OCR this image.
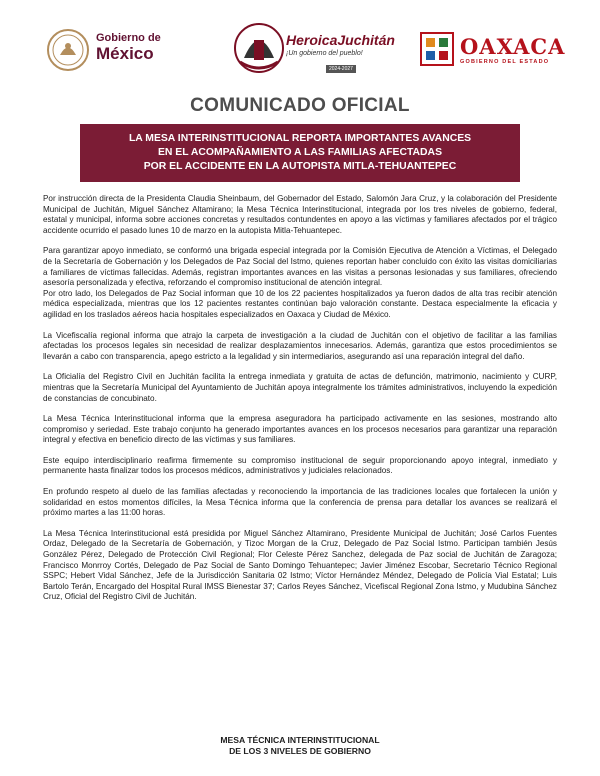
Gobierno de
México
HeroicaJuchitán
¡Un gobierno del pueblo!
2024-2027
OAXACA
GOBIERNO DEL ESTADO
COMUNICADO OFICIAL
LA MESA INTERINSTITUCIONAL REPORTA IMPORTANTES AVANCES
EN EL ACOMPAÑAMIENTO A LAS FAMILIAS AFECTADAS
POR EL ACCIDENTE EN LA AUTOPISTA MITLA-TEHUANTEPEC

Por instrucción directa de la Presidenta Claudia Sheinbaum, del Gobernador del Estado, Salomón Jara Cruz, y la colaboración del Presidente Municipal de Juchitán, Miguel Sánchez Altamirano; la Mesa Técnica Interinstitucional, integrada por los tres niveles de gobierno, federal, estatal y municipal, informa sobre acciones concretas y resultados contundentes en apoyo a las víctimas y familiares afectados por el trágico accidente ocurrido el pasado lunes 10 de marzo en la autopista Mitla-Tehuantepec.

Para garantizar apoyo inmediato, se conformó una brigada especial integrada por la Comisión Ejecutiva de Atención a Víctimas, el Delegado de la Secretaría de Gobernación y los Delegados de Paz Social del Istmo, quienes reportan haber concluido con éxito las visitas domiciliarias a familiares de víctimas fallecidas. Además, registran importantes avances en las visitas a personas lesionadas y sus familiares, ofreciendo asesoría personalizada y efectiva, reforzando el compromiso institucional de atención integral.

Por otro lado, los Delegados de Paz Social informan que 10 de los 22 pacientes hospitalizados ya fueron dados de alta tras recibir atención médica especializada, mientras que los 12 pacientes restantes continúan bajo valoración constante. Destaca especialmente la eficacia y agilidad en los traslados aéreos hacia hospitales especializados en Oaxaca y Ciudad de México.

La Vicefiscalía regional informa que atrajo la carpeta de investigación a la ciudad de Juchitán con el objetivo de facilitar a las familias afectadas los procesos legales sin necesidad de realizar desplazamientos innecesarios. Además, garantiza que estos procedimientos se llevarán a cabo con transparencia, apego estricto a la legalidad y sin intermediarios, asegurando así una reparación integral del daño.

La Oficialía del Registro Civil en Juchitán facilita la entrega inmediata y gratuita de actas de defunción, matrimonio, nacimiento y CURP, mientras que la Secretaría Municipal del Ayuntamiento de Juchitán apoya integralmente los trámites administrativos, incluyendo la expedición de constancias de concubinato.

La Mesa Técnica Interinstitucional informa que la empresa aseguradora ha participado activamente en las sesiones, mostrando alto compromiso y seriedad. Este trabajo conjunto ha generado importantes avances en los procesos necesarios para garantizar una reparación integral y efectiva en beneficio directo de las víctimas y sus familiares.

Este equipo interdisciplinario reafirma firmemente su compromiso institucional de seguir proporcionando apoyo integral, inmediato y permanente hasta finalizar todos los procesos médicos, administrativos y judiciales relacionados.

En profundo respeto al duelo de las familias afectadas y reconociendo la importancia de las tradiciones locales que fortalecen la unión y solidaridad en estos momentos difíciles, la Mesa Técnica informa que la conferencia de prensa para detallar los avances se realizará el próximo martes a las 11:00 horas.

La Mesa Técnica Interinstitucional está presidida por Miguel Sánchez Altamirano, Presidente Municipal de Juchitán; José Carlos Fuentes Ordaz, Delegado de la Secretaría de Gobernación, y Tizoc Morgan de la Cruz, Delegado de Paz Social Istmo. Participan también Jesús González Pérez, Delegado de Protección Civil Regional; Flor Celeste Pérez Sanchez, delegada de Paz social de Juchitán de Zaragoza; Francisco Monrroy Cortés, Delegado de Paz Social de Santo Domingo Tehuantepec; Javier Jiménez Escobar, Secretario Técnico Regional SSPC; Hebert Vidal Sánchez, Jefe de la Jurisdicción Sanitaria 02 Istmo; Víctor Hernández Méndez, Delegado de Policía Vial Estatal; Luis Bartolo Terán, Encargado del Hospital Rural IMSS Bienestar 37; Carlos Reyes Sánchez, Vicefiscal Regional Zona Istmo, y Mudubina Sánchez Cruz, Oficial del Registro Civil de Juchitán.

MESA TÉCNICA INTERINSTITUCIONAL
DE LOS 3 NIVELES DE GOBIERNO
